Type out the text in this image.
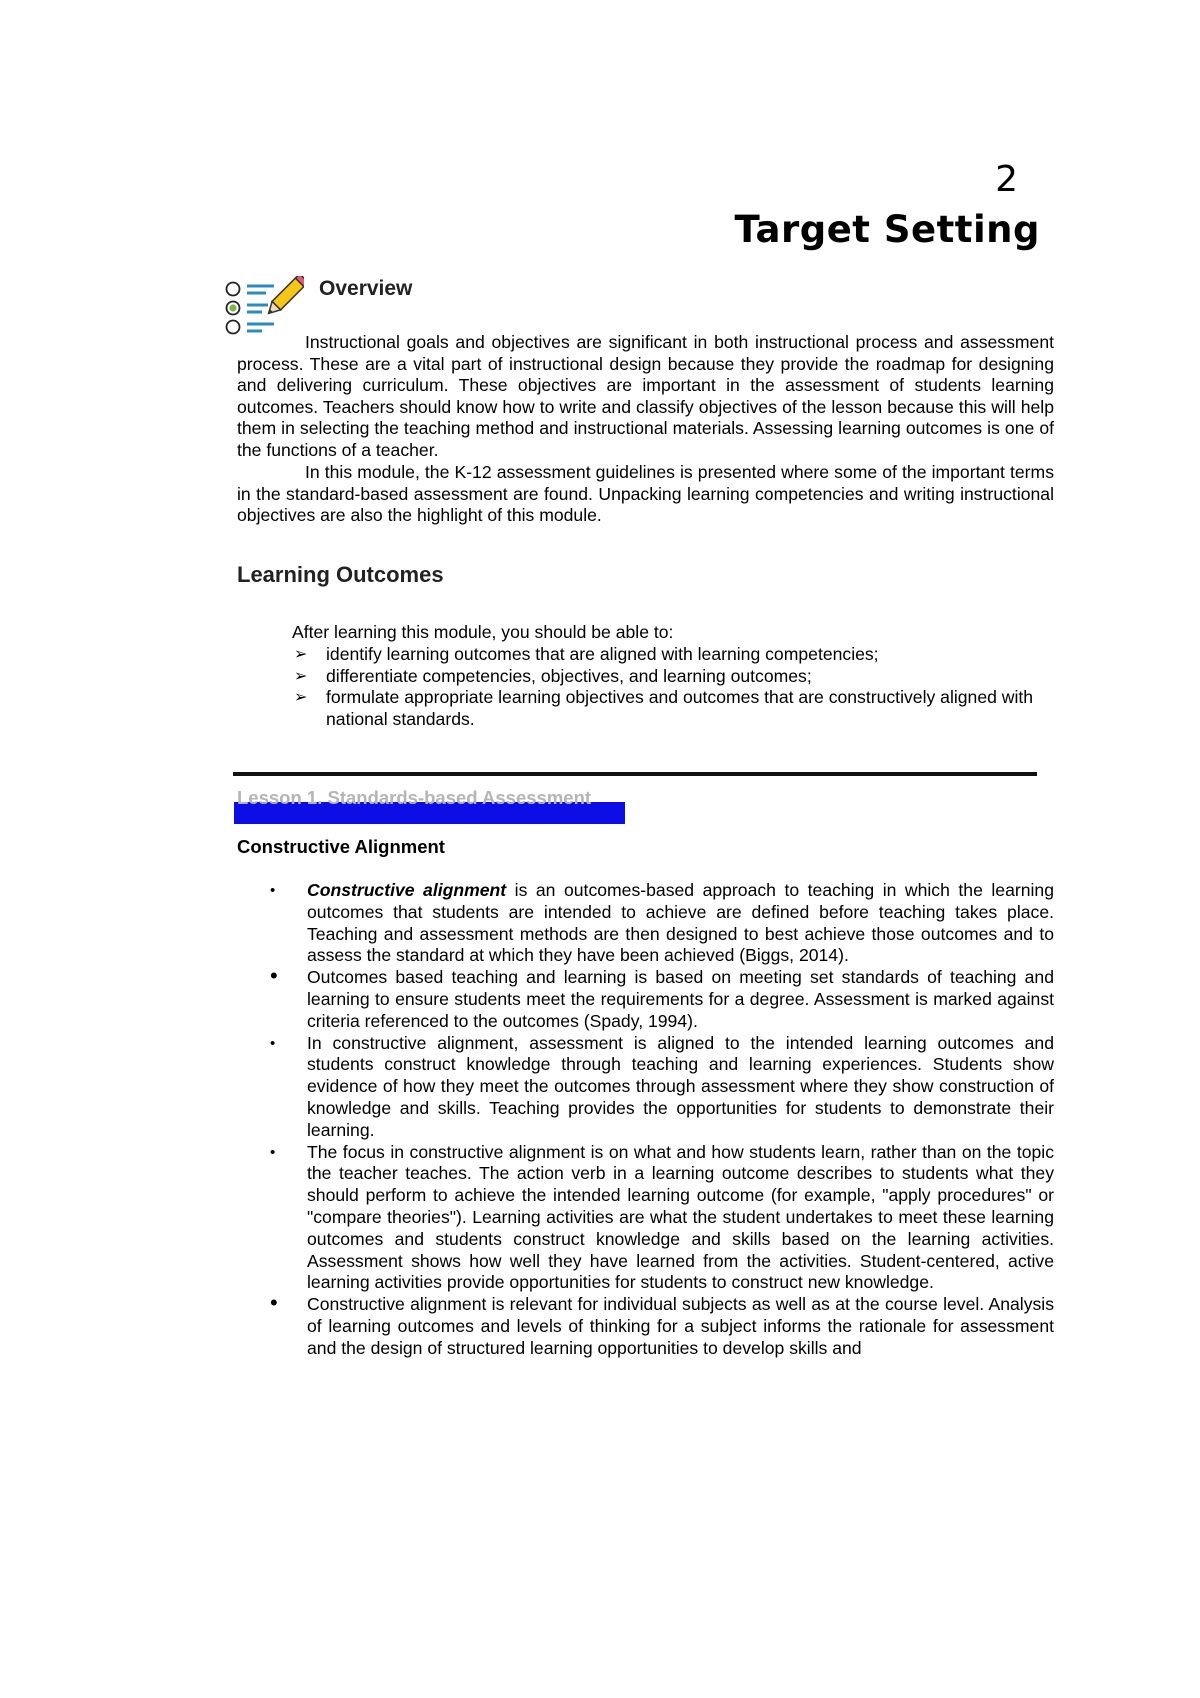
2
Target Setting
Overview

Instructional goals and objectives are significant in both instructional process and assessment process. These are a vital part of instructional design because they provide the roadmap for designing and delivering curriculum. These objectives are important in the assessment of students learning outcomes. Teachers should know how to write and classify objectives of the lesson because this will help them in selecting the teaching method and instructional materials. Assessing learning outcomes is one of the functions of a teacher.

In this module, the K-12 assessment guidelines is presented where some of the important terms in the standard-based assessment are found. Unpacking learning competencies and writing instructional objectives are also the highlight of this module.

Learning Outcomes
After learning this module, you should be able to:
➢ identify learning outcomes that are aligned with learning competencies;
➢ differentiate competencies, objectives, and learning outcomes;
➢ formulate appropriate learning objectives and outcomes that are constructively aligned with national standards.
Lesson 1. Standards-based Assessment
Constructive Alignment
•	Constructive alignment is an outcomes-based approach to teaching in which the learning outcomes that students are intended to achieve are defined before teaching takes place. Teaching and assessment methods are then designed to best achieve those outcomes and to assess the standard at which they have been achieved (Biggs, 2014).
•	Outcomes based teaching and learning is based on meeting set standards of teaching and learning to ensure students meet the requirements for a degree. Assessment is marked against criteria referenced to the outcomes (Spady, 1994).
•	In constructive alignment, assessment is aligned to the intended learning outcomes and students construct knowledge through teaching and learning experiences. Students show evidence of how they meet the outcomes through assessment where they show construction of knowledge and skills. Teaching provides the opportunities for students to demonstrate their learning.
•	The focus in constructive alignment is on what and how students learn, rather than on the topic the teacher teaches. The action verb in a learning outcome describes to students what they should perform to achieve the intended learning outcome (for example, "apply procedures" or "compare theories"). Learning activities are what the student undertakes to meet these learning outcomes and students construct knowledge and skills based on the learning activities. Assessment shows how well they have learned from the activities. Student-centered, active learning activities provide opportunities for students to construct new knowledge.
•	Constructive alignment is relevant for individual subjects as well as at the course level. Analysis of learning outcomes and levels of thinking for a subject informs the rationale for assessment and the design of structured learning opportunities to develop skills and
